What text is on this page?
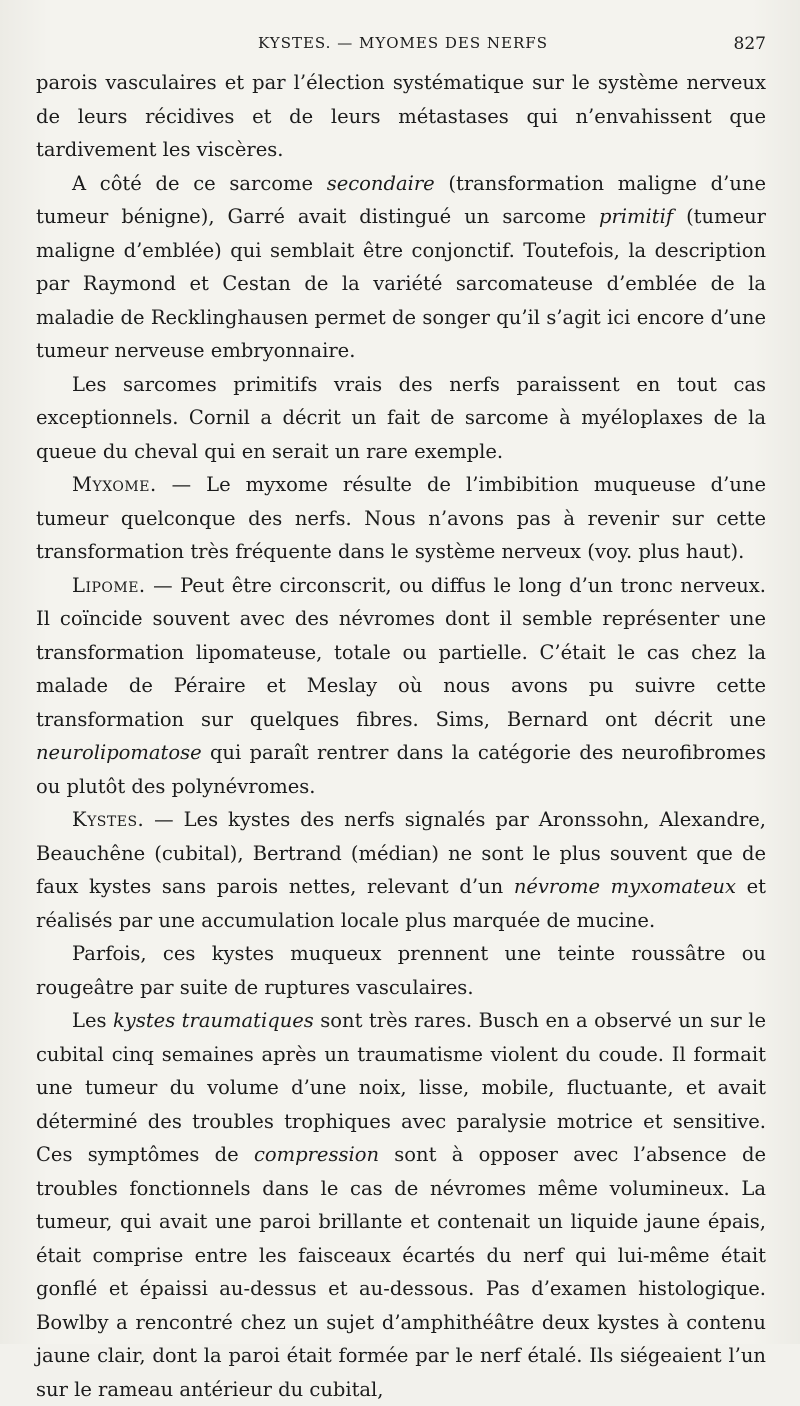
KYSTES. — MYOMES DES NERFS	827

parois vasculaires et par l’élection systématique sur le système nerveux de leurs récidives et de leurs métastases qui n’envahissent que tardivement les viscères.

A côté de ce sarcome secondaire (transformation maligne d’une tumeur bénigne), Garré avait distingué un sarcome primitif (tumeur maligne d’emblée) qui semblait être conjonctif. Toutefois, la description par Raymond et Cestan de la variété sarcomateuse d’emblée de la maladie de Recklinghausen permet de songer qu’il s’agit ici encore d’une tumeur nerveuse embryonnaire.

Les sarcomes primitifs vrais des nerfs paraissent en tout cas exceptionnels. Cornil a décrit un fait de sarcome à myéloplaxes de la queue du cheval qui en serait un rare exemple.

Myxome. — Le myxome résulte de l’imbibition muqueuse d’une tumeur quelconque des nerfs. Nous n’avons pas à revenir sur cette transformation très fréquente dans le système nerveux (voy. plus haut).

Lipome. — Peut être circonscrit, ou diffus le long d’un tronc nerveux. Il coïncide souvent avec des névromes dont il semble représenter une transformation lipomateuse, totale ou partielle. C’était le cas chez la malade de Péraire et Meslay où nous avons pu suivre cette transformation sur quelques fibres. Sims, Bernard ont décrit une neurolipomatose qui paraît rentrer dans la catégorie des neurofibromes ou plutôt des polynévromes.

Kystes. — Les kystes des nerfs signalés par Aronssohn, Alexandre, Beauchêne (cubital), Bertrand (médian) ne sont le plus souvent que de faux kystes sans parois nettes, relevant d’un névrome myxomateux et réalisés par une accumulation locale plus marquée de mucine.

Parfois, ces kystes muqueux prennent une teinte roussâtre ou rougeâtre par suite de ruptures vasculaires.

Les kystes traumatiques sont très rares. Busch en a observé un sur le cubital cinq semaines après un traumatisme violent du coude. Il formait une tumeur du volume d’une noix, lisse, mobile, fluctuante, et avait déterminé des troubles trophiques avec paralysie motrice et sensitive. Ces symptômes de compression sont à opposer avec l’absence de troubles fonctionnels dans le cas de névromes même volumineux. La tumeur, qui avait une paroi brillante et contenait un liquide jaune épais, était comprise entre les faisceaux écartés du nerf qui lui-même était gonflé et épaissi au-dessus et au-dessous. Pas d’examen histologique. Bowlby a rencontré chez un sujet d’amphithéâtre deux kystes à contenu jaune clair, dont la paroi était formée par le nerf étalé. Ils siégeaient l’un sur le rameau antérieur du cubital,
